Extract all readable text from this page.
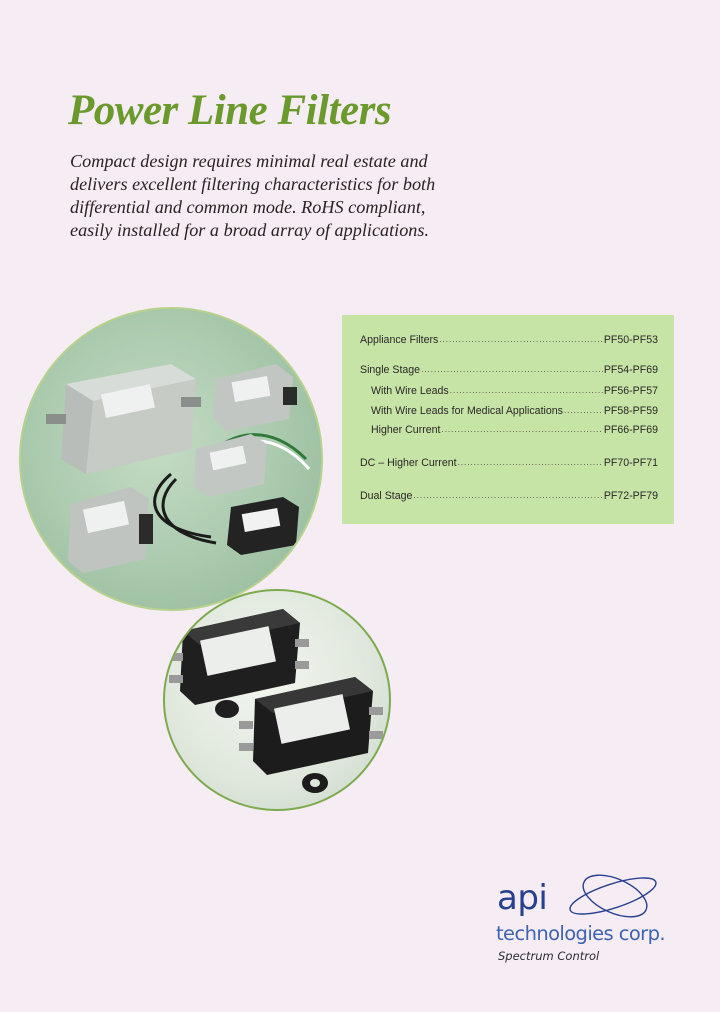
Power Line Filters
Compact design requires minimal real estate and
delivers excellent filtering characteristics for both
differential and common mode. RoHS compliant,
easily installed for a broad array of applications.
Appliance Filters .....	PF50-PF53
Single Stage .....	PF54-PF69
With Wire Leads .....	PF56-PF57
With Wire Leads for Medical Applications .....	PF58-PF59
Higher Current .....	PF66-PF69
DC – Higher Current .....	PF70-PF71
Dual Stage .....	PF72-PF79
api
technologies corp.
Spectrum Control
